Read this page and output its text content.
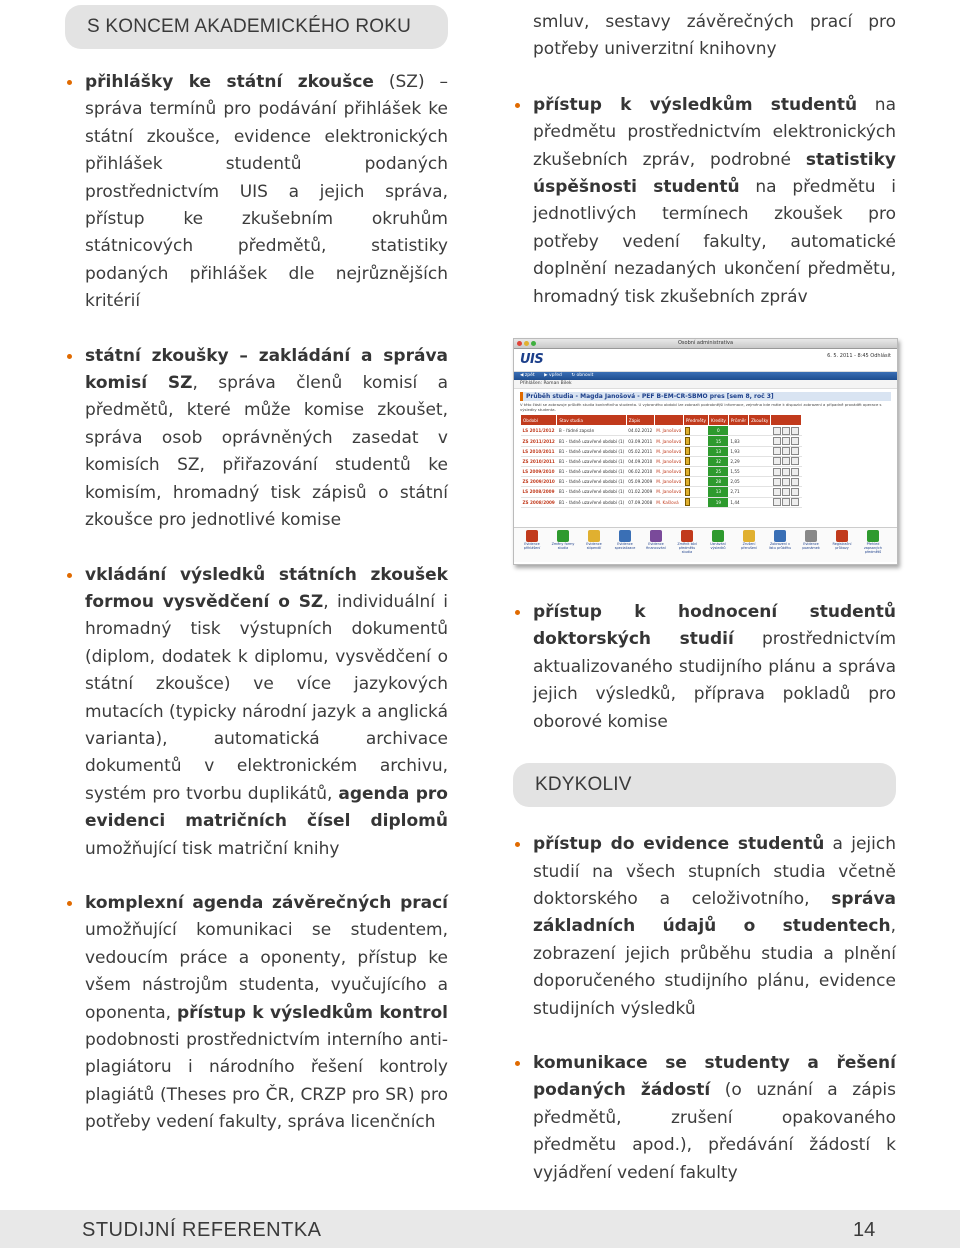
S KONCEM AKADEMICKÉHO ROKU
přihlášky ke státní zkoušce (SZ) – správa termínů pro podávání přihlášek ke státní zkoušce, evidence elektronických přihlášek studentů podaných prostřednictvím UIS a jejich správa, přístup ke zkušebním okruhům státnicových předmětů, statistiky podaných přihlášek dle nejrůznějších kritérií
státní zkoušky – zakládání a správa komisí SZ, správa členů komisí a předmětů, které může komise zkoušet, správa osob oprávněných zasedat v komisích SZ, přiřazování studentů ke komisím, hromadný tisk zápisů o státní zkoušce pro jednotlivé komise
vkládání výsledků státních zkoušek formou vysvědčení o SZ, individuální i hromadný tisk výstupních dokumentů (diplom, dodatek k diplomu, vysvědčení o státní zkoušce) ve více jazykových mutacích (typicky národní jazyk a anglická varianta), automatická archivace dokumentů v elektronickém archivu, systém pro tvorbu duplikátů, agenda pro evidenci matričních čísel diplomů umožňující tisk matriční knihy
komplexní agenda závěrečných prací umožňující komunikaci se studentem, vedoucím práce a oponenty, přístup ke všem nástrojům studenta, vyučujícího a oponenta, přístup k výsledkům kontrol podobnosti prostřednictvím interního anti-plagiátoru i národního řešení kontroly plagiátů (Theses pro ČR, CRZP pro SR) pro potřeby vedení fakulty, správa licenčních
smluv, sestavy závěrečných prací pro potřeby univerzitní knihovny
přístup k výsledkům studentů na předmětu prostřednictvím elektronických zkušebních zpráv, podrobné statistiky úspěšnosti studentů na předmětu i jednotlivých termínech zkoušek pro potřeby vedení fakulty, automatické doplnění nezadaných ukončení předmětu, hromadný tisk zkušebních zpráv
Osobní administrativa
UIS	6. 5. 2011 - 8:45 Odhlásit
◀ zpět ▶ vpřed ↻ obnovit
Přihlášen: Roman Bilek
Průběh studia - Magda Janošová - PEF B-EM-CR-SBMO pres [sem 8, roč 3]
V této části se zobrazuje průběh studia konkrétního studenta. U vybraného období lze zobrazit podrobnější informace, zejména kde máte k dispozici zobrazení a případně provádět operace s výsledky studenta.
Období	Stav studia	Zápis		Předměty	Kredity	Průměr	Zkoušky	
LS 2011/2012	B - řádné zapsán	04.02.2012	M. Janošová		0			
ZS 2011/2012	B1 - řádně uzavřené období (1)	03.09.2011	M. Janošová		15	1,83		
LS 2010/2011	B1 - řádně uzavřené období (1)	05.02.2011	M. Janošová		13	1,93		
ZS 2010/2011	B1 - řádně uzavřené období (1)	04.09.2010	M. Janošová		32	2,29		
LS 2009/2010	B1 - řádně uzavřené období (1)	06.02.2010	M. Janošová		25	1,55		
ZS 2009/2010	B1 - řádně uzavřené období (1)	05.09.2009	M. Janošová		28	2,05		
LS 2008/2009	B1 - řádně uzavřené období (1)	01.02.2009	M. Janošová		13	2,71		
ZS 2008/2009	B1 - řádně uzavřené období (1)	07.09.2008	M. Kašlová		19	1,44		
Evidence přihlášení
Změny formy studia
Evidence stipendií
Evidence specializace
Evidence financování
Změnit kód předmětu studia
Uznávání výsledků
Zrušení přerušení
Zobrazení v listu průběhu
Evidence poznámek
Registrační průkazy
Přehled zapsaných předmětů
přístup k hodnocení studentů doktorských studií prostřednictvím aktualizovaného studijního plánu a správa jejich výsledků, příprava pokladů pro oborové komise
KDYKOLIV
přístup do evidence studentů a jejich studií na všech stupních studia včetně doktorského a celoživotního, správa základních údajů o studentech, zobrazení jejich průběhu studia a plnění doporučeného studijního plánu, evidence studijních výsledků
komunikace se studenty a řešení podaných žádostí (o uznání a zápis předmětů, zrušení opakovaného předmětu apod.), předávání žádostí k vyjádření vedení fakulty
STUDIJNÍ REFERENTKA	14
